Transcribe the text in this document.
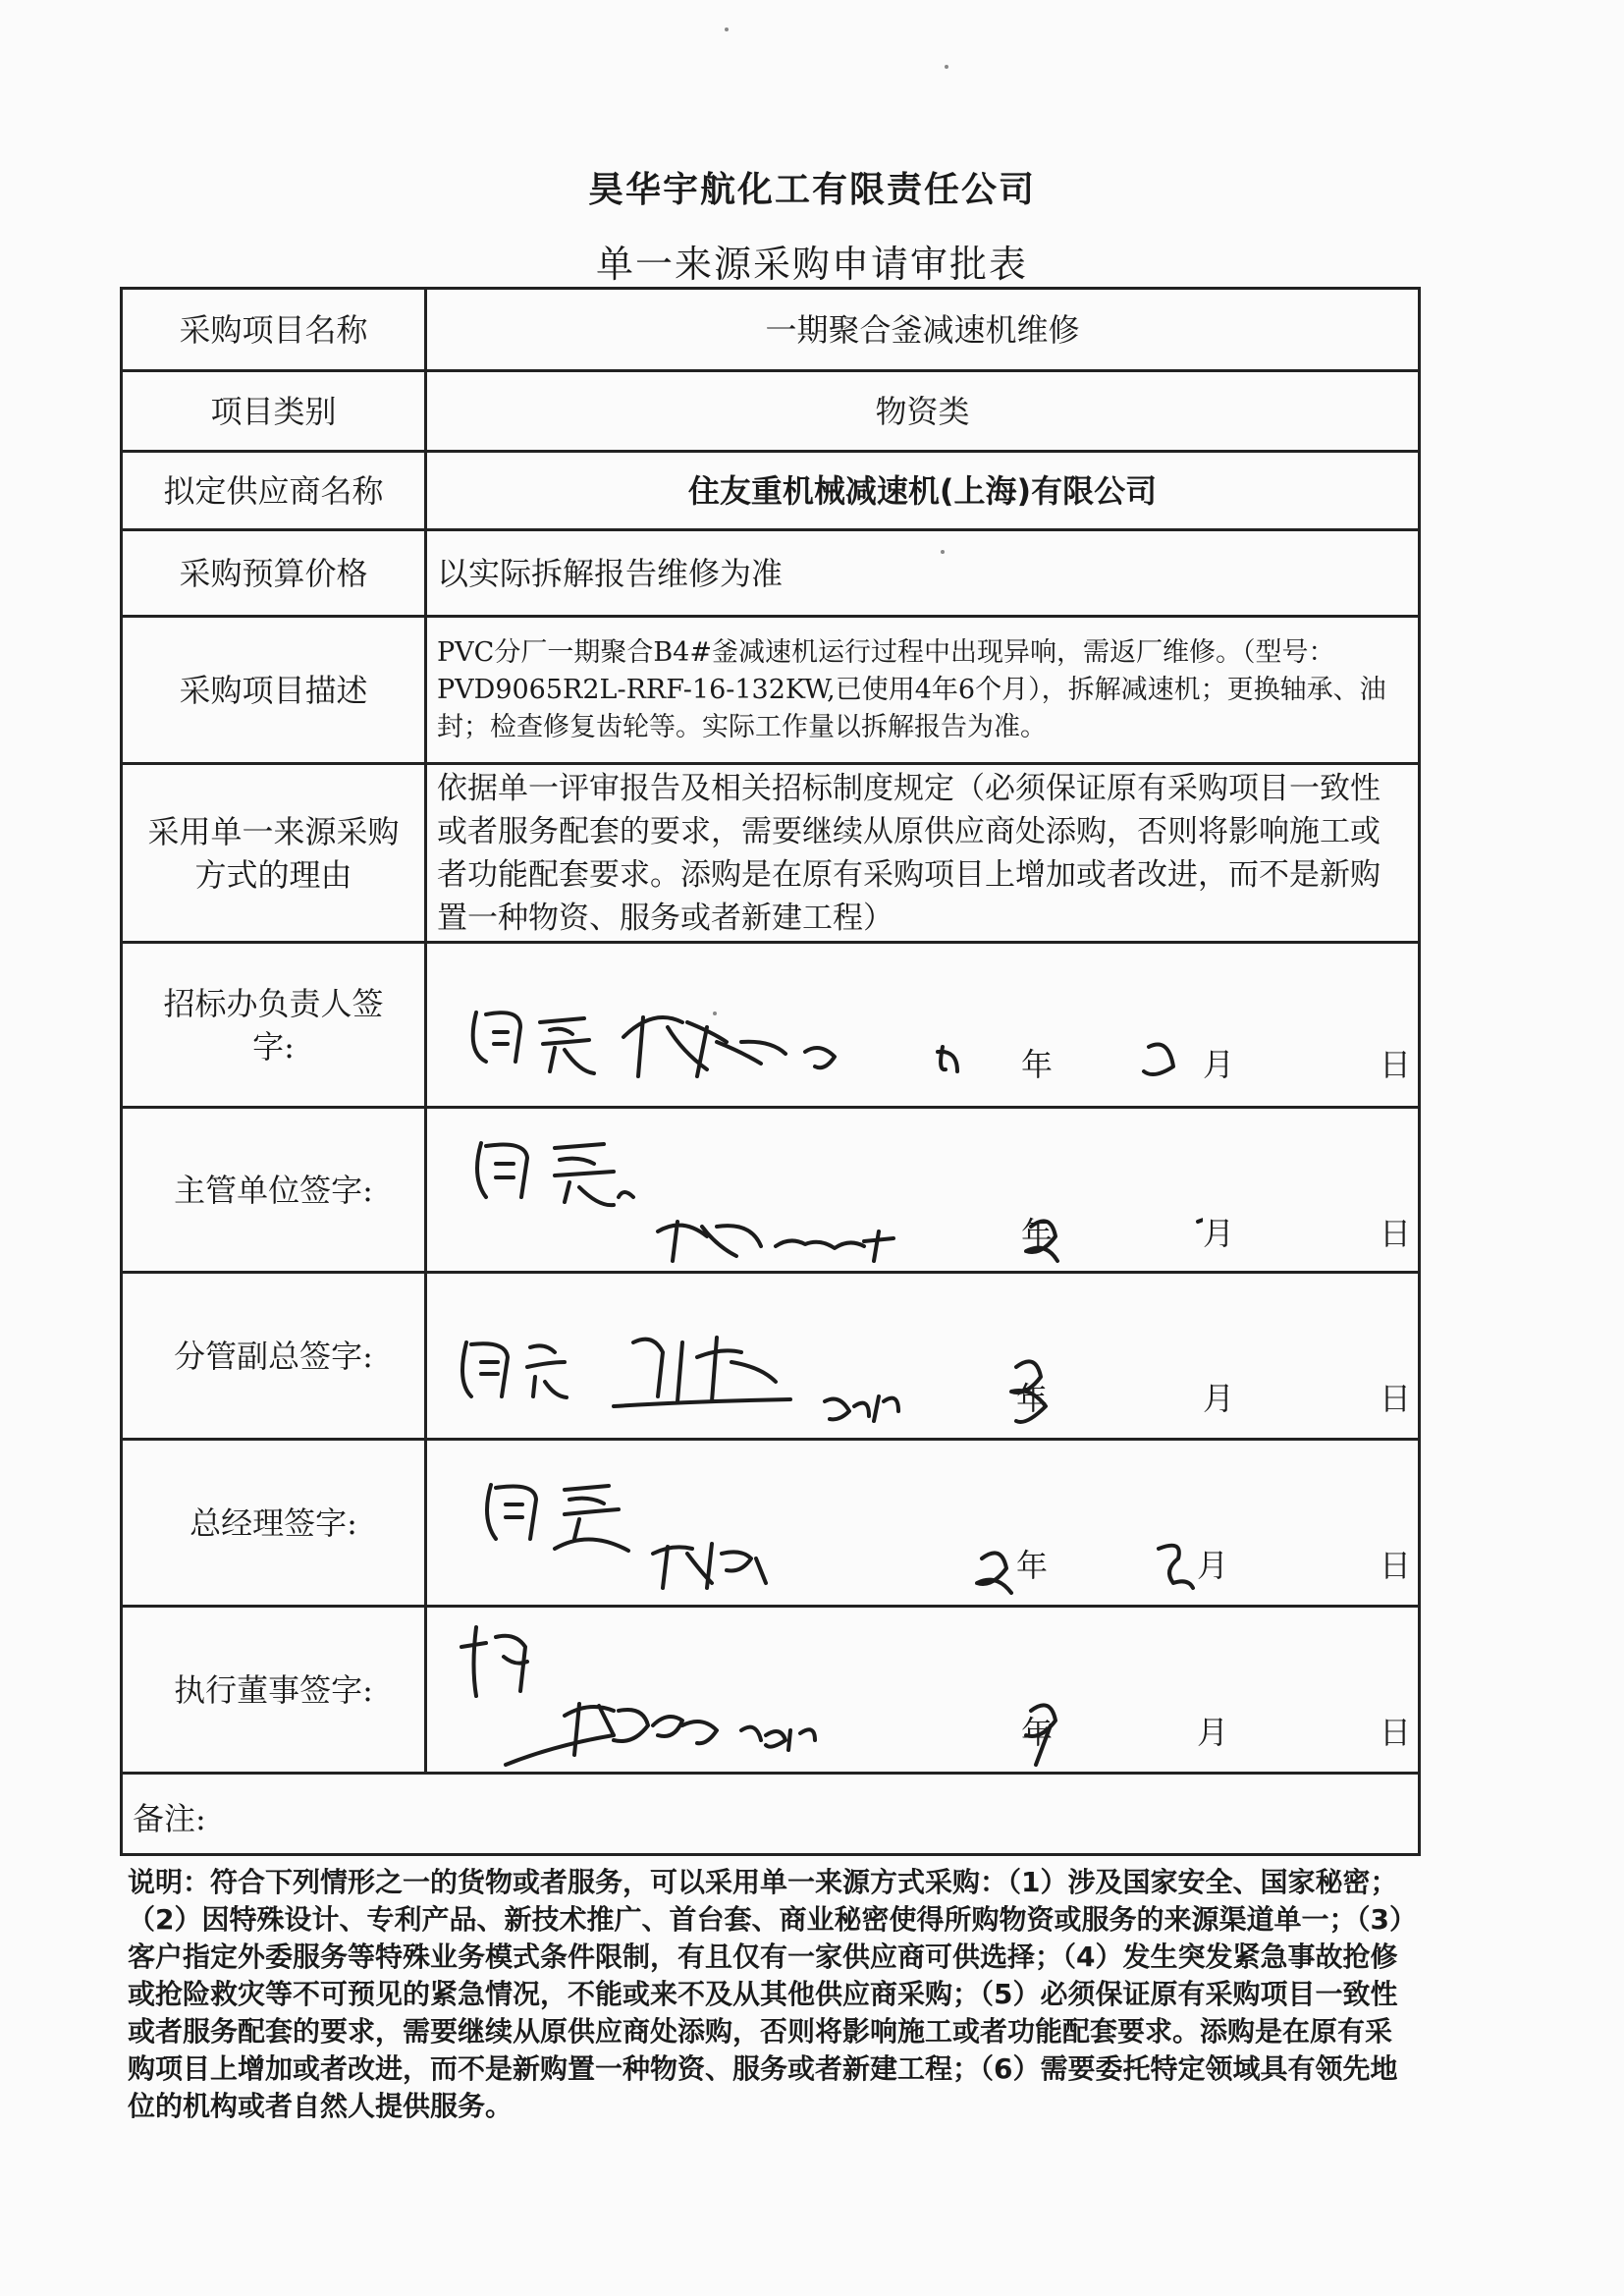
昊华宇航化工有限责任公司
单一来源采购申请审批表
采购项目名称	一期聚合釜减速机维修
项目类别	物资类
拟定供应商名称	住友重机械减速机(上海)有限公司
采购预算价格	以实际拆解报告维修为准
采购项目描述
PVC分厂一期聚合B4#釜减速机运行过程中出现异响，需返厂维修。（型号：PVD9065R2L-RRF-16-132KW,已使用4年6个月），拆解减速机；更换轴承、油封；检查修复齿轮等。实际工作量以拆解报告为准。
采用单一来源采购方式的理由
依据单一评审报告及相关招标制度规定（必须保证原有采购项目一致性或者服务配套的要求，需要继续从原供应商处添购，否则将影响施工或者功能配套要求。添购是在原有采购项目上增加或者改进，而不是新购置一种物资、服务或者新建工程）
招标办负责人签字:	年	月	日
主管单位签字:
年	月	日
分管副总签字:
年	月	日
总经理签字:
年	月	日
执行董事签字:
年	月	日
备注:
说明：符合下列情形之一的货物或者服务，可以采用单一来源方式采购：（1）涉及国家安全、国家秘密；（2）因特殊设计、专利产品、新技术推广、首台套、商业秘密使得所购物资或服务的来源渠道单一；（3）客户指定外委服务等特殊业务模式条件限制，有且仅有一家供应商可供选择；（4）发生突发紧急事故抢修或抢险救灾等不可预见的紧急情况，不能或来不及从其他供应商采购；（5）必须保证原有采购项目一致性或者服务配套的要求，需要继续从原供应商处添购，否则将影响施工或者功能配套要求。添购是在原有采购项目上增加或者改进，而不是新购置一种物资、服务或者新建工程；（6）需要委托特定领域具有领先地位的机构或者自然人提供服务。
